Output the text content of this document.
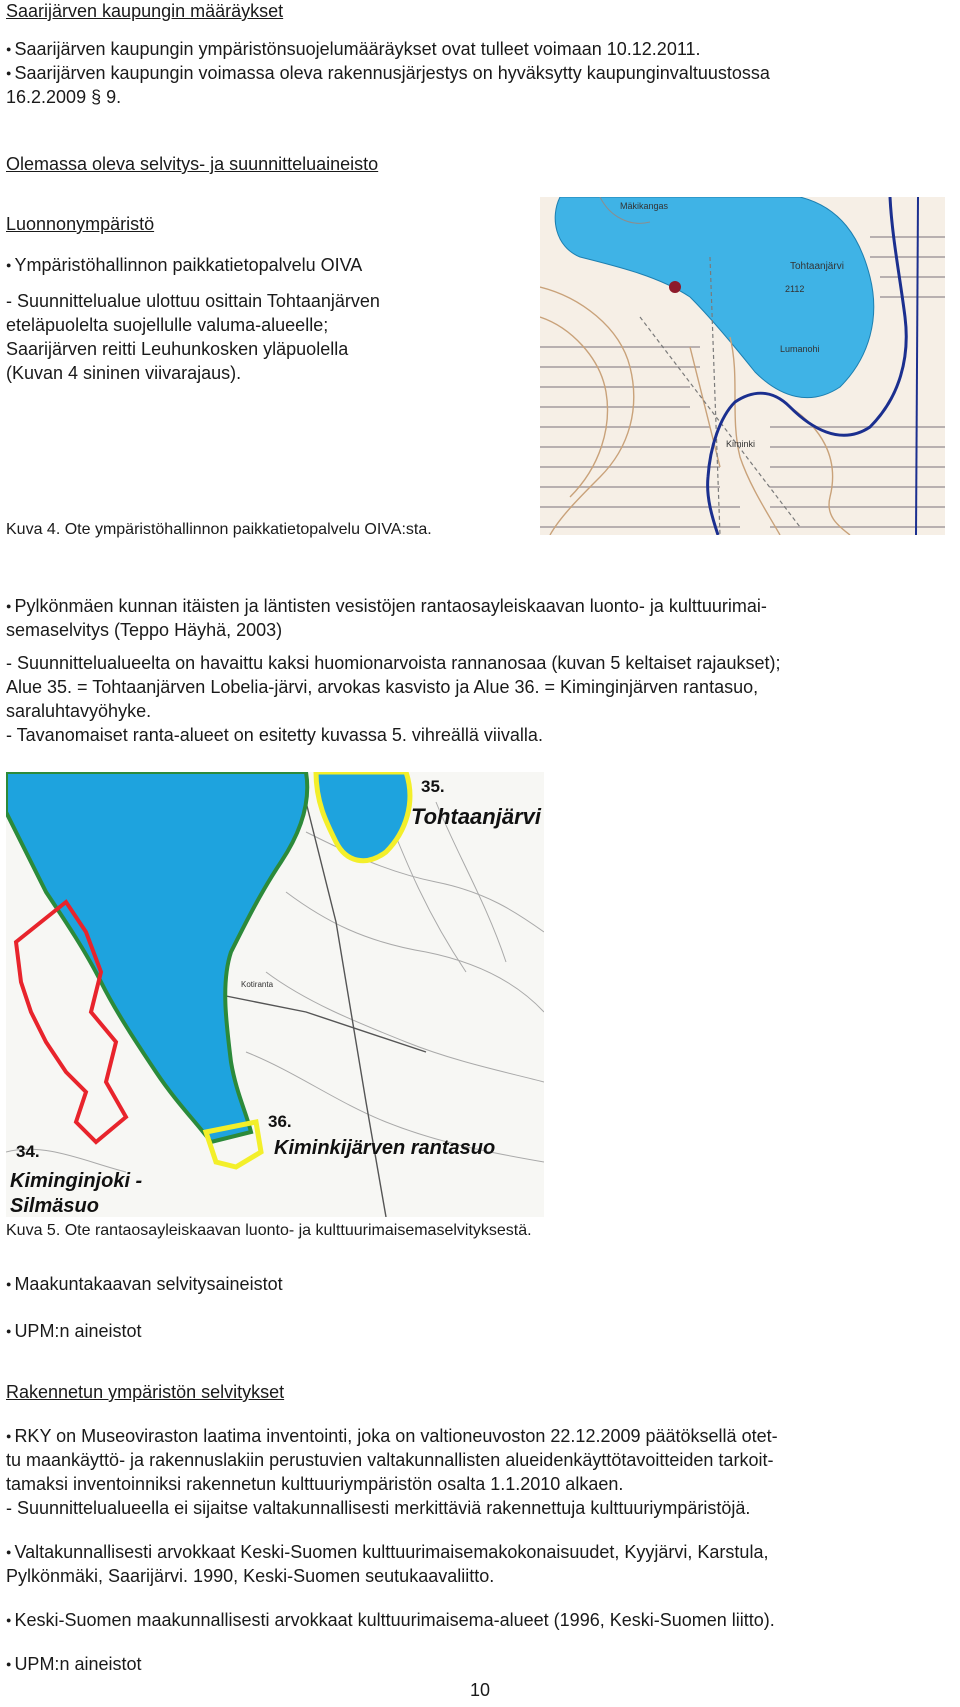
Saarijärven kaupungin määräykset
● Saarijärven kaupungin ympäristönsuojelumääräykset ovat tulleet voimaan 10.12.2011.
● Saarijärven kaupungin voimassa oleva rakennusjärjestys on hyväksytty kaupunginvaltuustossa
16.2.2009 § 9.
Olemassa oleva selvitys- ja suunnitteluaineisto
Luonnonympäristö
● Ympäristöhallinnon paikkatietopalvelu OIVA
- Suunnittelualue ulottuu osittain Tohtaanjärven
eteläpuolelta suojellulle valuma-alueelle;
Saarijärven reitti Leuhunkosken yläpuolella
(Kuvan 4 sininen viivarajaus).
Tohtaanjärvi
2112
Lumanohi
Kiminki
Mäkikangas
Kuva 4. Ote ympäristöhallinnon paikkatietopalvelu OIVA:sta.
● Pylkönmäen kunnan itäisten ja läntisten vesistöjen rantaosayleiskaavan luonto- ja kulttuurimai-
semaselvitys (Teppo Häyhä, 2003)
- Suunnittelualueelta on havaittu kaksi huomionarvoista rannanosaa (kuvan 5 keltaiset rajaukset);
Alue 35. = Tohtaanjärven Lobelia-järvi, arvokas kasvisto ja Alue 36. = Kiminginjärven rantasuo,
saraluhtavyöhyke.
- Tavanomaiset ranta-alueet on esitetty kuvassa 5. vihreällä viivalla.
35.
Tohtaanjärvi
36.
Kiminkijärven rantasuo
34.
Kiminginjoki -
Silmäsuo
Kotiranta
Kuva 5. Ote rantaosayleiskaavan luonto- ja kulttuurimaisemaselvityksestä.
● Maakuntakaavan selvitysaineistot
● UPM:n aineistot
Rakennetun ympäristön selvitykset
● RKY on Museoviraston laatima inventointi, joka on valtioneuvoston 22.12.2009 päätöksellä otet-
tu maankäyttö- ja rakennuslakiin perustuvien valtakunnallisten alueidenkäyttötavoitteiden tarkoit-
tamaksi inventoinniksi rakennetun kulttuuriympäristön osalta 1.1.2010 alkaen.
- Suunnittelualueella ei sijaitse valtakunnallisesti merkittäviä rakennettuja kulttuuriympäristöjä.
● Valtakunnallisesti arvokkaat Keski-Suomen kulttuurimaisemakokonaisuudet, Kyyjärvi, Karstula,
Pylkönmäki, Saarijärvi. 1990, Keski-Suomen seutukaavaliitto.
● Keski-Suomen maakunnallisesti arvokkaat kulttuurimaisema-alueet (1996, Keski-Suomen liitto).
● UPM:n aineistot
10
